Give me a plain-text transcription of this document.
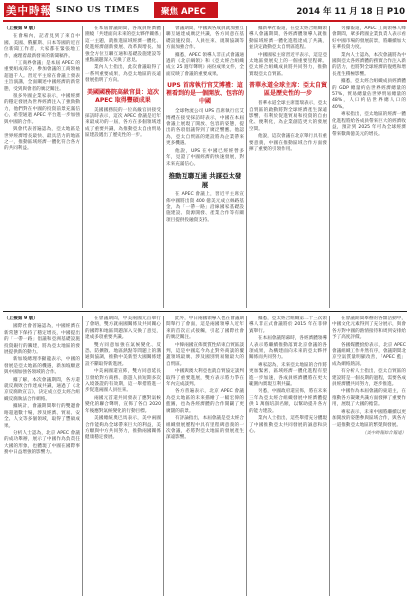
美中時報 SINO US TIMES	聚焦 APEC	2014 年 11 月 18 日 P10
（上接第 9 版）

在會場內，記者見到了來自中國、美國、俄羅斯、日本等國的近百位新聞工作者，大家都在緊張地工作，處理着最新發來的新聞稿件。

「工商界會議」是本屆 APEC 的重要組成部分，參加會議的工商領袖超過千人。習近平主席在會議上發表主旨演講，全面闡述中國經濟的新常態，受到與會者的廣泛關注。

很多外國企業家表示，中國經濟的穩定發展為世界經濟注入了強勁動力，他們對在中國的投資前景充滿信心，希望通過 APEC 平台進一步加強與中國的合作。

與會代表普遍認為，亞太地區是世界經濟增長最快、最具活力的地區之一，推動區域經濟一體化符合各方的共同利益。

在本屆會議期間，各成員經濟體圍繞「共建面向未來的亞太夥伴關係」這一主題，就推進區域經濟一體化、促進經濟創新發展、改革與增長、加強全方位互聯互通和基礎設施建設等重點議題深入交換了意見。

業內人士指出，此次會議取得了一系列重要成果，為亞太地區的長遠發展指明了方向。

美國國務院高級官員：這次 APEC 取得豐碩成果

美國國務院的一位高級官員接受採訪時表示，這次 APEC 會議是近年來最成功的一屆，各方在多個領域達成了重要共識，為推動亞太自由貿易區建設邁出了歷史性的一步。

會議期間，中國與各成員就加強互聯互通達成廣泛共識，各方同意在基礎設施投資、人員往來、規制協調等方面加強合作。

據悉，APEC 領導人非正式會議通過的《北京綱領》和《亞太經合組織成立 25 週年聲明》兩份成果文件，全面反映了會議的重要成果。

UPS 首席執行官艾博禮：這裡看到的是一個開放、包容的中國

全球物流公司 UPS 首席執行官艾博禮在接受採訪時表示，中國在本屆會議上展現了開放、包容的姿態，提出的各項倡議得到了廣泛響應。他認為，亞太自貿區的建設將為企業帶來更多機遇。

他說，UPS 在中國已經經營多年，見證了中國經濟的快速發展，對未來充滿信心。

推動互聯互通 共謀亞太發展

在 APEC 會議上，習近平主席宣佈中國將出資 400 億美元成立絲路基金，為「一帶一路」沿線國家基礎設施建設、資源開發、產業合作等有關項目提供投融資支持。

據新華社報道，在亞太經合組織領導人會議期間，各經濟體領導人就推動區域經濟一體化進程達成了共識，並決定啟動亞太自貿區進程。

中國國家主席習近平表示，這是亞太地區發展史上的一個重要里程碑。亞太經合組織成員將共同努力，推動實現亞太自貿區。

普華永道全球主席：亞太自貿區是歷史性的一步

普華永道全球主席墨瑞表示，亞太自貿區的啟動將對全球經濟產生深遠影響，有利於促進貿易和投資的自由化、便利化，為企業創造更大的發展空間。

他說，這次會議在北京舉行具有重要意義，中國在推動區域合作方面發揮了重要的引領作用。

另據報道，APEC 工商領導人峰會期間，眾多跨國企業負責人表示看好中國市場的發展前景，將繼續加大在華投資力度。

業內人士認為，本次會議將為中國與亞太各經濟體的務實合作注入新的活力，也將對全球經濟的復甦和增長產生積極影響。

據悉，亞太經合組織成員經濟體的 GDP 總量約佔世界經濟總量的 57%，貿易總量佔世界貿易總量的 48%，人口約佔世界總人口的 40%。

專家指出，亞太地區的經濟一體化進程將給各成員帶來巨大的經濟收益，預計到 2025 年可為全球經濟帶來數萬億美元的增長。

（上接第 9 版）

國際社會普遍認為，中國經濟在新常態下保持了穩定增長，中國提出的「一帶一路」倡議和亞洲基礎設施投資銀行的籌建，將為亞太地區的發展提供新的動力。

新加坡總理李顯龍表示，中國的發展是亞太地區的機遇，新加坡願意與中國加強各領域的合作。

據了解，本次會議期間，各方還就反腐敗合作達成共識，通過了《北京反腐敗宣言》，決定成立亞太經合組織反腐執法合作網絡。

據統計，會議期間舉行的雙邊會晤超過數十場，涉及經濟、貿易、安全、人文等多個領域，取得了豐碩成果。

分析人士認為，北京 APEC 會議的成功舉辦，展示了中國作為負責任大國的形象，也體現了中國在國際事務中日益增強的影響力。

在會議期間，中美兩國元首舉行了會晤，雙方就兩國關係及共同關心的國際和地區問題深入交換了意見，達成多項重要共識。

雙方同意加強在氣候變化、反恐、防擴散、地區熱點等問題上的溝通與協調，推動中美新型大國關係建設不斷取得新進展。

中美兩國還宣佈，雙方同意延長互發給對方商務、旅遊人員短期多次入境簽證的有效期，這一舉措將進一步促進兩國人員往來。

兩國元首還共同發表了應對氣候變化的聯合聲明，宣佈了各自 2020 年後應對氣候變化的行動目標。

美國總統奧巴馬表示，美中兩國合作能夠為全球帶來巨大的利益，美方願與中方共同努力，推動兩國關係健康穩定發展。

此外，中日兩國領導人也在會議期間舉行了會面，這是兩國領導人近年來的首次正式接觸，引起了國際社會的廣泛關注。

中韓兩國宣佈實質性結束自貿區談判，這是中國迄今為止對外商談的覆蓋領域最廣、涉及國別貿易額最大的自貿區。

中國與澳大利亞也就自貿協定談判取得了重要進展，雙方表示將力爭在年內完成談判。

各方普遍表示，北京 APEC 會議為亞太地區的未來描繪了一幅宏偉的藍圖，也為各經濟體的合作開闢了更廣闊的前景。

有評論指出，本屆會議是亞太經合組織發展歷程中具有里程碑意義的一次會議，必將對亞太地區的發展產生深遠影響。

據悉，亞太經合組織第二十三次領導人非正式會議將於 2015 年在菲律賓舉行。

在本屆會議閉幕時，各經濟體領導人表示將繼續推動落實北京會議的各項成果，為構建面向未來的亞太夥伴關係而共同努力。

專家認為，未來亞太地區的合作將更加緊密，區域經濟一體化進程有望進一步加速，各成員經濟體將在更大範圍內實現互利共贏。

另悉，中國政府還宣佈，將在未來三年為亞太經合組織發展中經濟體提供 1 萬個培訓名額，以幫助提升各方的能力建設。

業內人士指出，這些舉措充分體現了中國推動亞太共同發展的誠意和決心。

在會議期間舉辦的各類活動中，中國文化元素得到了充分展示，與會各方對中國的熱情接待和周到安排給予了高度評價。

各國媒體紛紛表示，北京 APEC 會議組織工作井然有序，會議期間北京空氣質量明顯改善，「APEC 藍」成為網絡熱詞。

有分析人士指出，亞太自貿區的建設將是一個長期的過程，需要各成員經濟體共同努力，逐步推進。

中國作為本屆會議的東道主，在推動各方凝聚共識方面發揮了重要作用，展現了大國的擔當。

專家表示，未來中國將繼續以更加開放的姿態參與區域合作，與各方一道推動亞太地區的繁榮與發展。

（美中時報綜合報道）
